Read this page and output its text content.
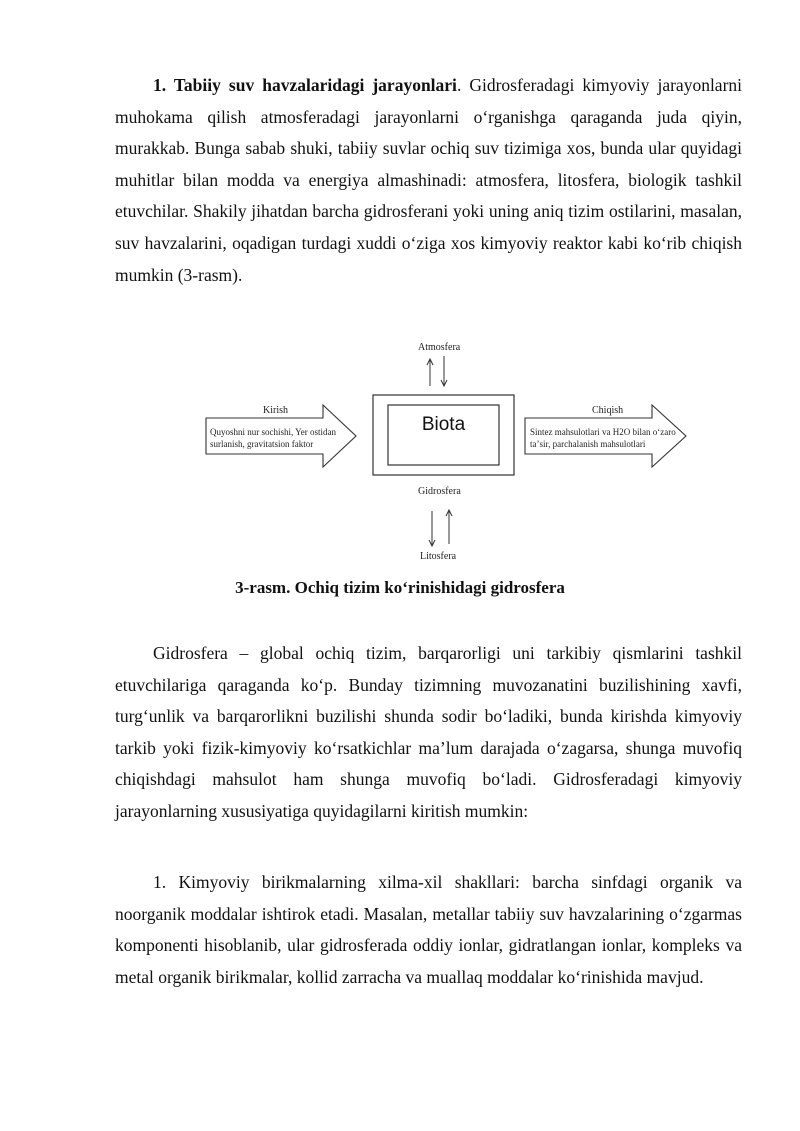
1. Tabiiy suv havzalaridagi jarayonlari. Gidrosferadagi kimyoviy jarayonlarni muhokama qilish atmosferadagi jarayonlarni oʻrganishga qaraganda juda qiyin, murakkab. Bunga sabab shuki, tabiiy suvlar ochiq suv tizimiga xos, bunda ular quyidagi muhitlar bilan modda va energiya almashinadi: atmosfera, litosfera, biologik tashkil etuvchilar. Shakily jihatdan barcha gidrosferani yoki uning aniq tizim ostilarini, masalan, suv havzalarini, oqadigan turdagi xuddi oʻziga xos kimyoviy reaktor kabi koʻrib chiqish mumkin (3-rasm).

Atmosfera
Biota
Gidrosfera
Litosfera
Kirish
Quyoshni nur sochishi, Yer ostidan surlanish, gravitatsion faktor
Chiqish
Sintez mahsulotlari va H2O bilan oʻzaro taʼsir, parchalanish mahsulotlari
3-rasm. Ochiq tizim koʻrinishidagi gidrosfera

Gidrosfera – global ochiq tizim, barqarorligi uni tarkibiy qismlarini tashkil etuvchilariga qaraganda koʻp. Bunday tizimning muvozanatini buzilishining xavfi, turgʻunlik va barqarorlikni buzilishi shunda sodir boʻladiki, bunda kirishda kimyoviy tarkib yoki fizik-kimyoviy koʻrsatkichlar maʼlum darajada oʻzagarsa, shunga muvofiq chiqishdagi mahsulot ham shunga muvofiq boʻladi. Gidrosferadagi kimyoviy jarayonlarning xususiyatiga quyidagilarni kiritish mumkin:

1. Kimyoviy birikmalarning xilma-xil shakllari: barcha sinfdagi organik va noorganik moddalar ishtirok etadi. Masalan, metallar tabiiy suv havzalarining oʻzgarmas komponenti hisoblanib, ular gidrosferada oddiy ionlar, gidratlangan ionlar, kompleks va metal organik birikmalar, kollid zarracha va muallaq moddalar koʻrinishida mavjud.
